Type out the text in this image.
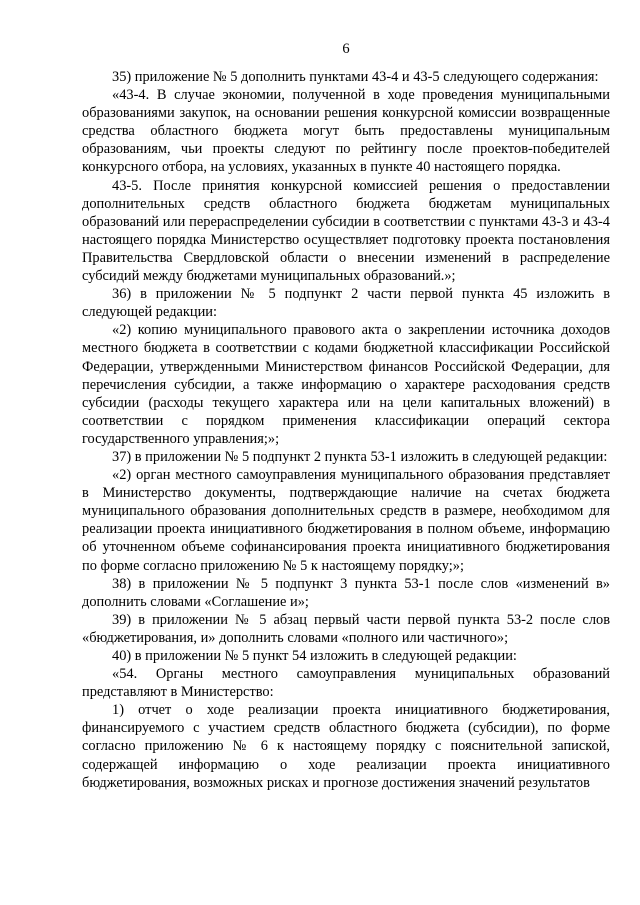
6

35) приложение № 5 дополнить пунктами 43-4 и 43-5 следующего содержания:

«43-4. В случае экономии, полученной в ходе проведения муниципальными образованиями закупок, на основании решения конкурсной комиссии возвращенные средства областного бюджета могут быть предоставлены муниципальным образованиям, чьи проекты следуют по рейтингу после проектов-победителей конкурсного отбора, на условиях, указанных в пункте 40 настоящего порядка.

43-5. После принятия конкурсной комиссией решения о предоставлении дополнительных средств областного бюджета бюджетам муниципальных образований или перераспределении субсидии в соответствии с пунктами 43-3 и 43-4 настоящего порядка Министерство осуществляет подготовку проекта постановления Правительства Свердловской области о внесении изменений в распределение субсидий между бюджетами муниципальных образований.»;

36) в приложении № 5 подпункт 2 части первой пункта 45 изложить в следующей редакции:

«2) копию муниципального правового акта о закреплении источника доходов местного бюджета в соответствии с кодами бюджетной классификации Российской Федерации, утвержденными Министерством финансов Российской Федерации, для перечисления субсидии, а также информацию о характере расходования средств субсидии (расходы текущего характера или на цели капитальных вложений) в соответствии с порядком применения классификации операций сектора государственного управления;»;

37) в приложении № 5 подпункт 2 пункта 53-1 изложить в следующей редакции:

«2) орган местного самоуправления муниципального образования представляет в Министерство документы, подтверждающие наличие на счетах бюджета муниципального образования дополнительных средств в размере, необходимом для реализации проекта инициативного бюджетирования в полном объеме, информацию об уточненном объеме софинансирования проекта инициативного бюджетирования по форме согласно приложению № 5 к настоящему порядку;»;

38) в приложении № 5 подпункт 3 пункта 53-1 после слов «изменений в» дополнить словами «Соглашение и»;

39) в приложении № 5 абзац первый части первой пункта 53-2 после слов «бюджетирования, и» дополнить словами «полного или частичного»;

40) в приложении № 5 пункт 54 изложить в следующей редакции:

«54. Органы местного самоуправления муниципальных образований представляют в Министерство:

1) отчет о ходе реализации проекта инициативного бюджетирования, финансируемого с участием средств областного бюджета (субсидии), по форме согласно приложению № 6 к настоящему порядку с пояснительной запиской, содержащей информацию о ходе реализации проекта инициативного бюджетирования, возможных рисках и прогнозе достижения значений результатов
